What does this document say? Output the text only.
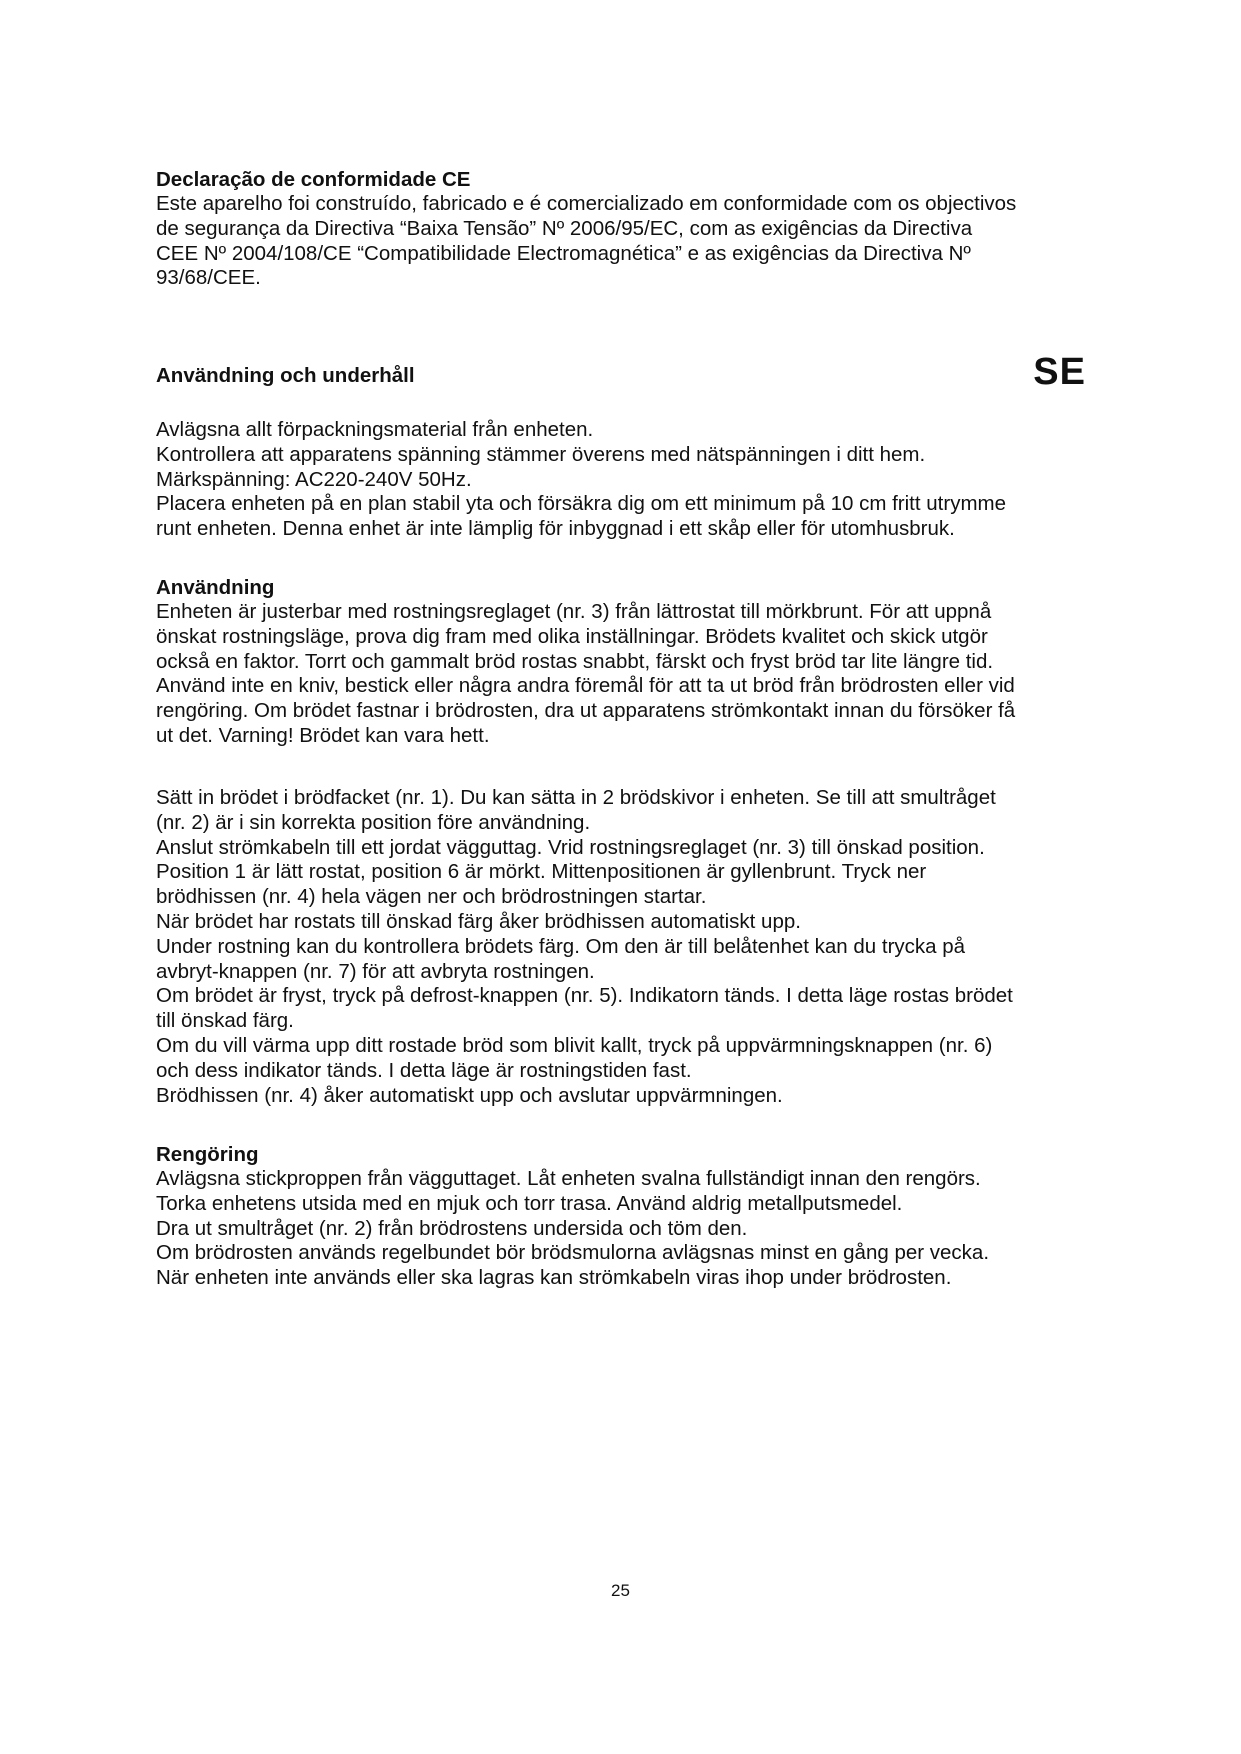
Declaração de conformidade CE

Este aparelho foi construído, fabricado e é comercializado em conformidade com os objectivos
de segurança da Directiva “Baixa Tensão” Nº 2006/95/EC, com as exigências da Directiva
CEE Nº 2004/108/CE “Compatibilidade Electromagnética” e as exigências da Directiva Nº
93/68/CEE.

Användning och underhåll	SE

Avlägsna allt förpackningsmaterial från enheten.
Kontrollera att apparatens spänning stämmer överens med nätspänningen i ditt hem.
Märkspänning: AC220-240V 50Hz.
Placera enheten på en plan stabil yta och försäkra dig om ett minimum på 10 cm fritt utrymme
runt enheten. Denna enhet är inte lämplig för inbyggnad i ett skåp eller för utomhusbruk.

Användning

Enheten är justerbar med rostningsreglaget (nr. 3) från lättrostat till mörkbrunt. För att uppnå
önskat rostningsläge, prova dig fram med olika inställningar. Brödets kvalitet och skick utgör
också en faktor. Torrt och gammalt bröd rostas snabbt, färskt och fryst bröd tar lite längre tid.
Använd inte en kniv, bestick eller några andra föremål för att ta ut bröd från brödrosten eller vid
rengöring. Om brödet fastnar i brödrosten, dra ut apparatens strömkontakt innan du försöker få
ut det. Varning! Brödet kan vara hett.

Sätt in brödet i brödfacket (nr. 1). Du kan sätta in 2 brödskivor i enheten. Se till att smultråget
(nr. 2) är i sin korrekta position före användning.
Anslut strömkabeln till ett jordat vägguttag. Vrid rostningsreglaget (nr. 3) till önskad position.
Position 1 är lätt rostat, position 6 är mörkt. Mittenpositionen är gyllenbrunt. Tryck ner
brödhissen (nr. 4) hela vägen ner och brödrostningen startar.
När brödet har rostats till önskad färg åker brödhissen automatiskt upp.
Under rostning kan du kontrollera brödets färg. Om den är till belåtenhet kan du trycka på
avbryt-knappen (nr. 7) för att avbryta rostningen.
Om brödet är fryst, tryck på defrost-knappen (nr. 5). Indikatorn tänds. I detta läge rostas brödet
till önskad färg.
Om du vill värma upp ditt rostade bröd som blivit kallt, tryck på uppvärmningsknappen (nr. 6)
och dess indikator tänds. I detta läge är rostningstiden fast.
Brödhissen (nr. 4) åker automatiskt upp och avslutar uppvärmningen.

Rengöring

Avlägsna stickproppen från vägguttaget. Låt enheten svalna fullständigt innan den rengörs.
Torka enhetens utsida med en mjuk och torr trasa. Använd aldrig metallputsmedel.
Dra ut smultråget (nr. 2) från brödrostens undersida och töm den.
Om brödrosten används regelbundet bör brödsmulorna avlägsnas minst en gång per vecka.
När enheten inte används eller ska lagras kan strömkabeln viras ihop under brödrosten.

25
